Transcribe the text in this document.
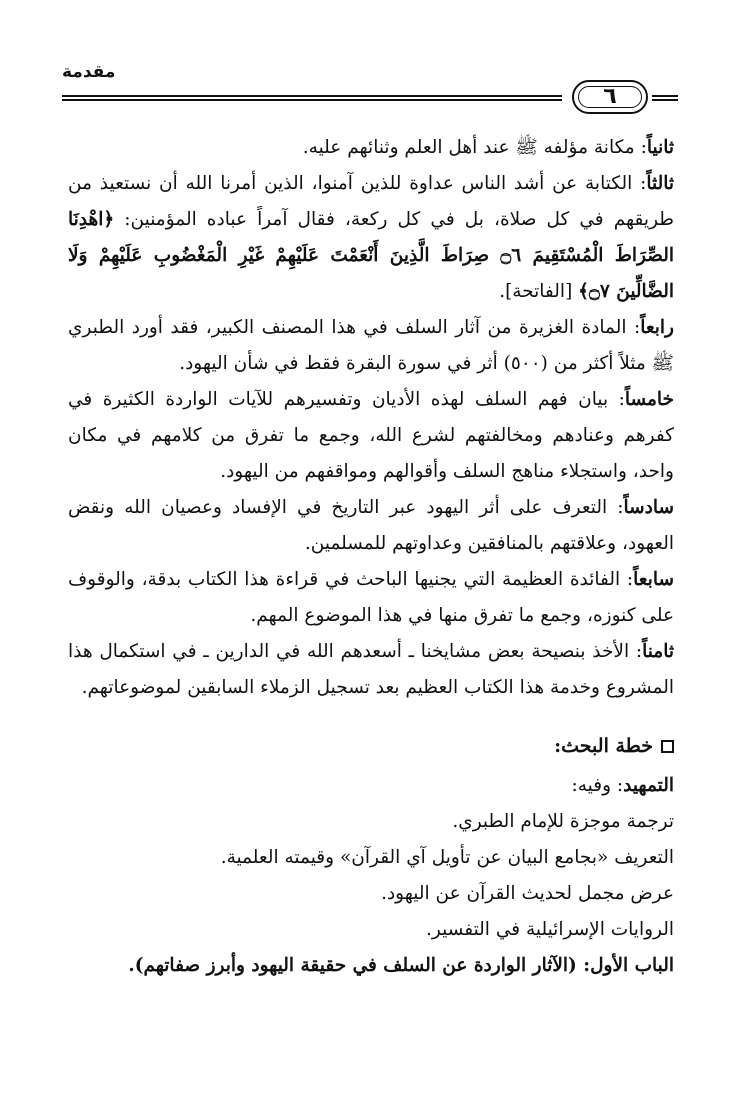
مقدمة
٦

ثانياً: مكانة مؤلفه ﷺ عند أهل العلم وثنائهم عليه.

ثالثاً: الكتابة عن أشد الناس عداوة للذين آمنوا، الذين أمرنا الله أن نستعيذ من طريقهم في كل صلاة، بل في كل ركعة، فقال آمراً عباده المؤمنين: ﴿اهْدِنَا الصِّرَاطَ الْمُسْتَقِيمَ ۝٦ صِرَاطَ الَّذِينَ أَنْعَمْتَ عَلَيْهِمْ غَيْرِ الْمَغْضُوبِ عَلَيْهِمْ وَلَا الضَّالِّينَ ۝٧﴾ [الفاتحة].

رابعاً: المادة الغزيرة من آثار السلف في هذا المصنف الكبير، فقد أورد الطبري ﷺ مثلاً أكثر من (٥٠٠) أثر في سورة البقرة فقط في شأن اليهود.

خامساً: بيان فهم السلف لهذه الأديان وتفسيرهم للآيات الواردة الكثيرة في كفرهم وعنادهم ومخالفتهم لشرع الله، وجمع ما تفرق من كلامهم في مكان واحد، واستجلاء مناهج السلف وأقوالهم ومواقفهم من اليهود.

سادساً: التعرف على أثر اليهود عبر التاريخ في الإفساد وعصيان الله ونقض العهود، وعلاقتهم بالمنافقين وعداوتهم للمسلمين.

سابعاً: الفائدة العظيمة التي يجنيها الباحث في قراءة هذا الكتاب بدقة، والوقوف على كنوزه، وجمع ما تفرق منها في هذا الموضوع المهم.

ثامناً: الأخذ بنصيحة بعض مشايخنا ـ أسعدهم الله في الدارين ـ في استكمال هذا المشروع وخدمة هذا الكتاب العظيم بعد تسجيل الزملاء السابقين لموضوعاتهم.

خطة البحث:

التمهيد: وفيه:

ترجمة موجزة للإمام الطبري.

التعريف «بجامع البيان عن تأويل آي القرآن» وقيمته العلمية.

عرض مجمل لحديث القرآن عن اليهود.

الروايات الإسرائيلية في التفسير.

الباب الأول: (الآثار الواردة عن السلف في حقيقة اليهود وأبرز صفاتهم).
